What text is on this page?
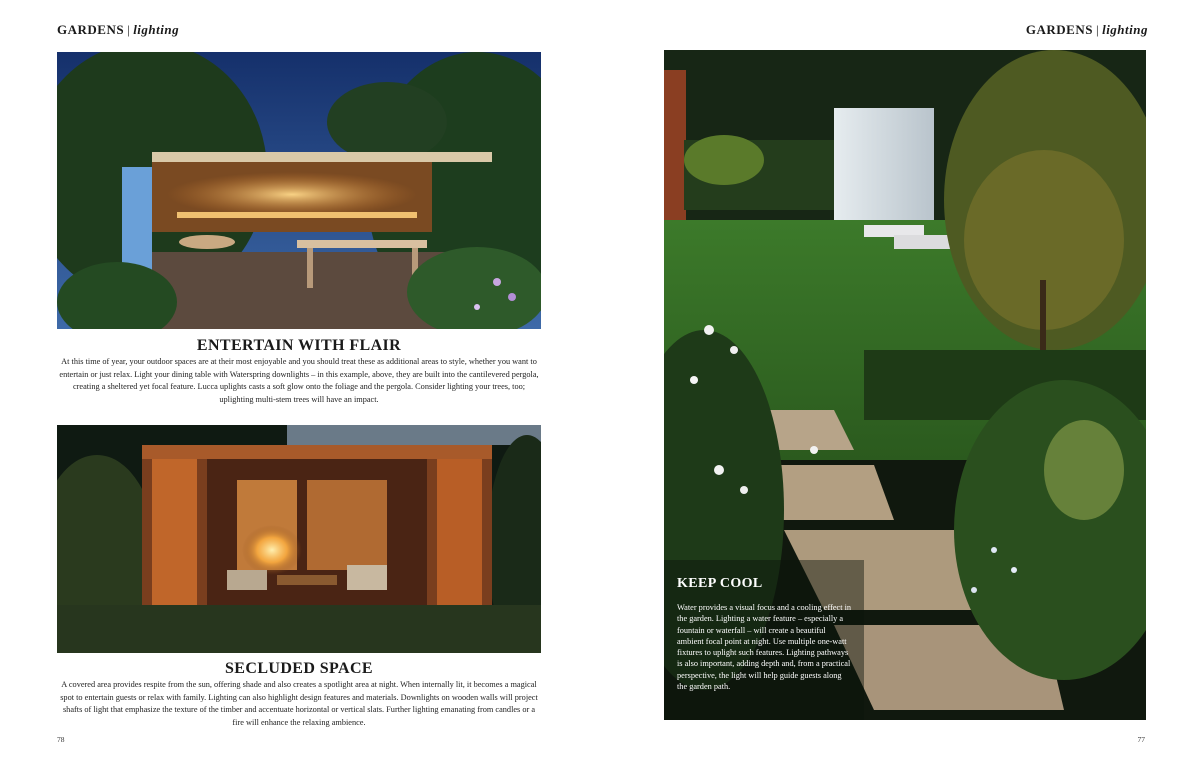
GARDENS | lighting	GARDENS | lighting
ENTERTAIN WITH FLAIR
At this time of year, your outdoor spaces are at their most enjoyable and you should treat these as additional areas to style, whether you want to entertain or just relax. Light your dining table with Waterspring downlights – in this example, above, they are built into the cantilevered pergola, creating a sheltered yet focal feature. Lucca uplights casts a soft glow onto the foliage and the pergola. Consider lighting your trees, too; uplighting multi-stem trees will have an impact.
SECLUDED SPACE
A covered area provides respite from the sun, offering shade and also creates a spotlight area at night. When internally lit, it becomes a magical spot to entertain guests or relax with family. Lighting can also highlight design features and materials. Downlights on wooden walls will project shafts of light that emphasize the texture of the timber and accentuate horizontal or vertical slats. Further lighting emanating from candles or a fire will enhance the relaxing ambience.
KEEP COOL
Water provides a visual focus and a cooling effect in the garden. Lighting a water feature – especially a fountain or waterfall – will create a beautiful ambient focal point at night. Use multiple one-watt fixtures to uplight such features. Lighting pathways is also important, adding depth and, from a practical perspective, the light will help guide guests along the garden path.
78	77
